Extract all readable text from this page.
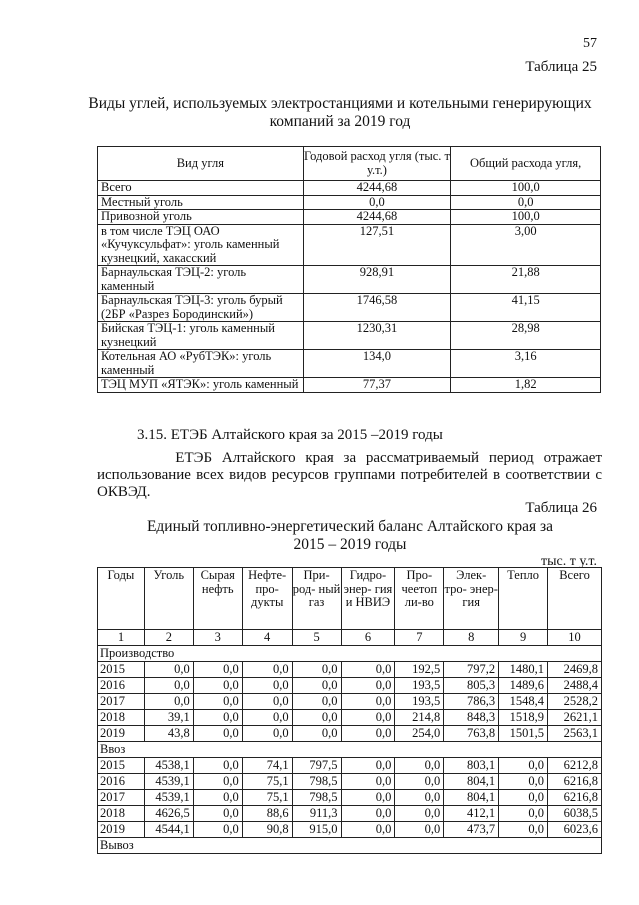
57
Таблица 25
Виды углей, используемых электростанциями и котельными генерирующих
компаний за 2019 год
Вид угля	Годовой расход угля (тыс. т у.т.)	Общий расхода угля,
Всего	4244,68	100,0
Местный уголь	0,0	0,0
Привозной уголь	4244,68	100,0
в том числе ТЭЦ ОАО «Кучуксульфат»: уголь каменный кузнецкий, хакасский	127,51	3,00
Барнаульская ТЭЦ-2: уголь каменный	928,91	21,88
Барнаульская ТЭЦ-3: уголь бурый (2БР «Разрез Бородинский»)	1746,58	41,15
Бийская ТЭЦ-1: уголь каменный кузнецкий	1230,31	28,98
Котельная АО «РубТЭК»: уголь каменный	134,0	3,16
ТЭЦ МУП «ЯТЭК»: уголь каменный	77,37	1,82
3.15. ЕТЭБ Алтайского края за 2015 –2019 годы
ЕТЭБ Алтайского края за рассматриваемый период отражает использование всех видов ресурсов группами потребителей в соответствии с ОКВЭД.
Таблица 26
Единый топливно-энергетический баланс Алтайского края за
2015 – 2019 годы
тыс. т у.т.
Годы	Уголь	Сырая нефть	Нефте- про- дукты	При- род- ный газ	Гидро- энер- гия и НВИЭ	Про- чеетоп ли-во	Элек- тро- энер- гия	Тепло	Всего
1	2	3	4	5	6	7	8	9	10
Производство									
2015	0,0	0,0	0,0	0,0	0,0	192,5	797,2	1480,1	2469,8
2016	0,0	0,0	0,0	0,0	0,0	193,5	805,3	1489,6	2488,4
2017	0,0	0,0	0,0	0,0	0,0	193,5	786,3	1548,4	2528,2
2018	39,1	0,0	0,0	0,0	0,0	214,8	848,3	1518,9	2621,1
2019	43,8	0,0	0,0	0,0	0,0	254,0	763,8	1501,5	2563,1
Ввоз									
2015	4538,1	0,0	74,1	797,5	0,0	0,0	803,1	0,0	6212,8
2016	4539,1	0,0	75,1	798,5	0,0	0,0	804,1	0,0	6216,8
2017	4539,1	0,0	75,1	798,5	0,0	0,0	804,1	0,0	6216,8
2018	4626,5	0,0	88,6	911,3	0,0	0,0	412,1	0,0	6038,5
2019	4544,1	0,0	90,8	915,0	0,0	0,0	473,7	0,0	6023,6
Вывоз									
